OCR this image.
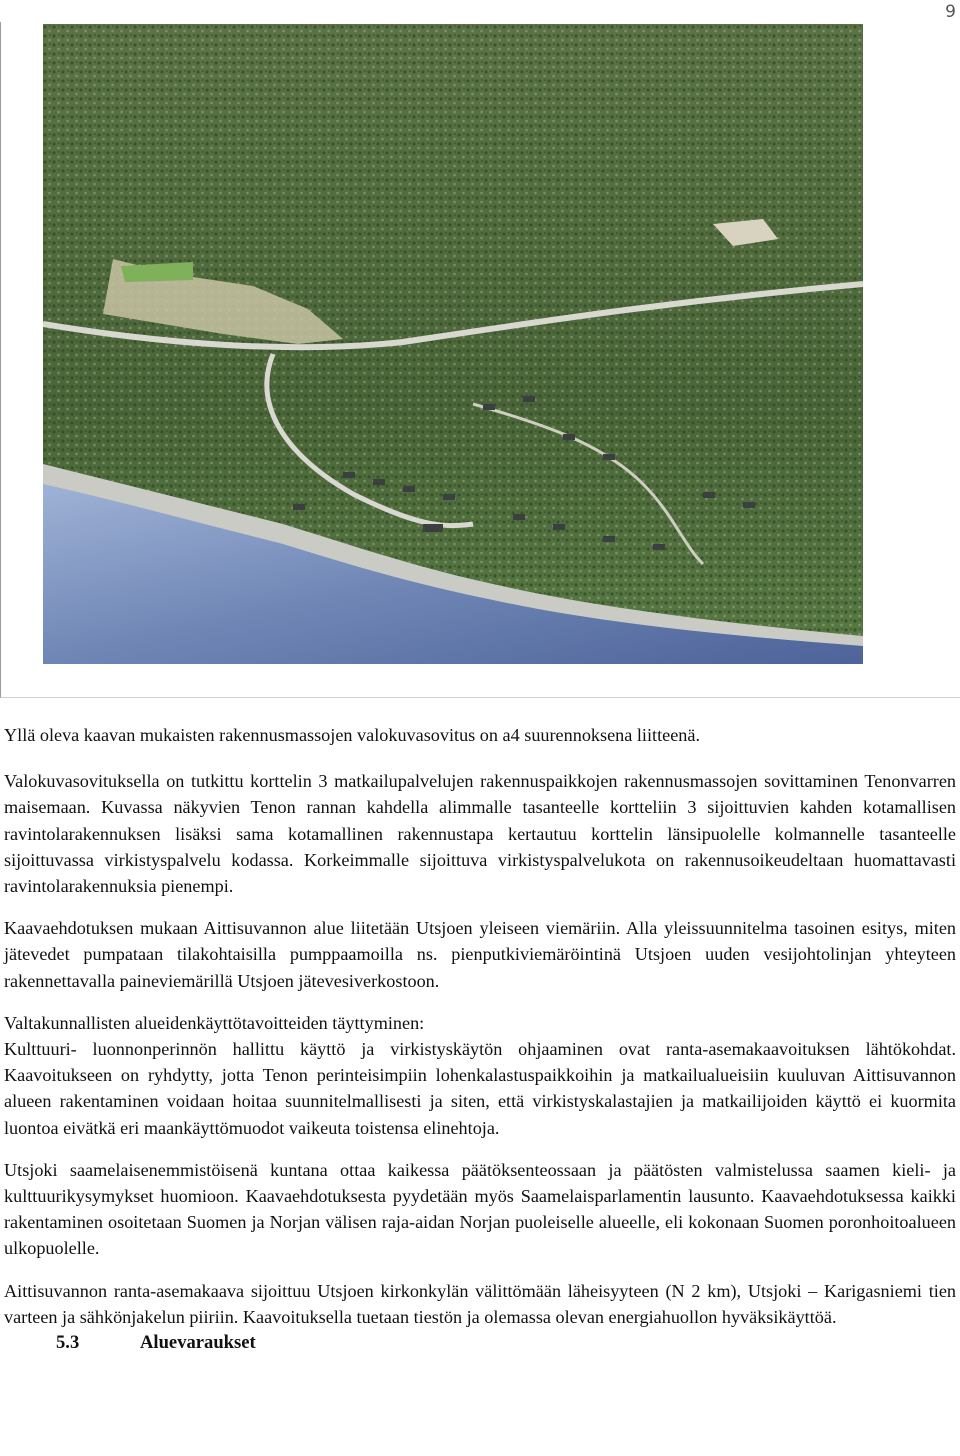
9

Yllä oleva kaavan mukaisten rakennusmassojen valokuvasovitus on a4 suurennoksena liitteenä.

Valokuvasovituksella on tutkittu korttelin 3 matkailupalvelujen rakennuspaikkojen rakennusmassojen sovittaminen Tenonvarren maisemaan. Kuvassa näkyvien Tenon rannan kahdella alimmalle tasanteelle kortteliin 3 sijoittuvien kahden kotamallisen ravintolarakennuksen lisäksi sama kotamallinen rakennustapa kertautuu korttelin länsipuolelle kolmannelle tasanteelle sijoittuvassa virkistyspalvelu kodassa. Korkeimmalle sijoittuva virkistyspalvelukota on rakennusoikeudeltaan huomattavasti ravintolarakennuksia pienempi.

Kaavaehdotuksen mukaan Aittisuvannon alue liitetään Utsjoen yleiseen viemäriin. Alla yleissuunnitelma tasoinen esitys, miten jätevedet pumpataan tilakohtaisilla pumppaamoilla ns. pienputkiviemäröintinä Utsjoen uuden vesijohtolinjan yhteyteen rakennettavalla paineviemärillä Utsjoen jätevesiverkostoon.

Valtakunnallisten alueidenkäyttötavoitteiden täyttyminen:
Kulttuuri- luonnonperinnön hallittu käyttö ja virkistyskäytön ohjaaminen ovat ranta-asemakaavoituksen lähtökohdat. Kaavoitukseen on ryhdytty, jotta Tenon perinteisimpiin lohenkalastuspaikkoihin ja matkailualueisiin kuuluvan Aittisuvannon alueen rakentaminen voidaan hoitaa suunnitelmallisesti ja siten, että virkistyskalastajien ja matkailijoiden käyttö ei kuormita luontoa eivätkä eri maankäyttömuodot vaikeuta toistensa elinehtoja.

Utsjoki saamelaisenemmistöisenä kuntana ottaa kaikessa päätöksenteossaan ja päätösten valmistelussa saamen kieli- ja kulttuurikysymykset huomioon. Kaavaehdotuksesta pyydetään myös Saamelaisparlamentin lausunto. Kaavaehdotuksessa kaikki rakentaminen osoitetaan Suomen ja Norjan välisen raja-aidan Norjan puoleiselle alueelle, eli kokonaan Suomen poronhoitoalueen ulkopuolelle.

Aittisuvannon ranta-asemakaava sijoittuu Utsjoen kirkonkylän välittömään läheisyyteen (N 2 km), Utsjoki – Karigasniemi tien varteen ja sähkönjakelun piiriin. Kaavoituksella tuetaan tiestön ja olemassa olevan energiahuollon hyväksikäyttöä.

5.3	Aluevaraukset
